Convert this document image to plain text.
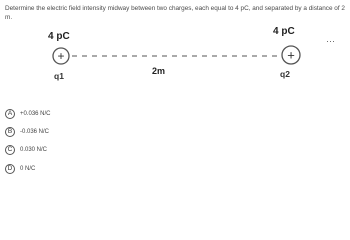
Determine the electric field intensity midway between two charges, each equal to 4 pC, and separated by a distance of 2 m.
⋯
4 pC
+
q1	2m
4 pC
+
q2
A	+0.036 N/C
B	-0.036 N/C
C	0.030 N/C
D	0 N/C
